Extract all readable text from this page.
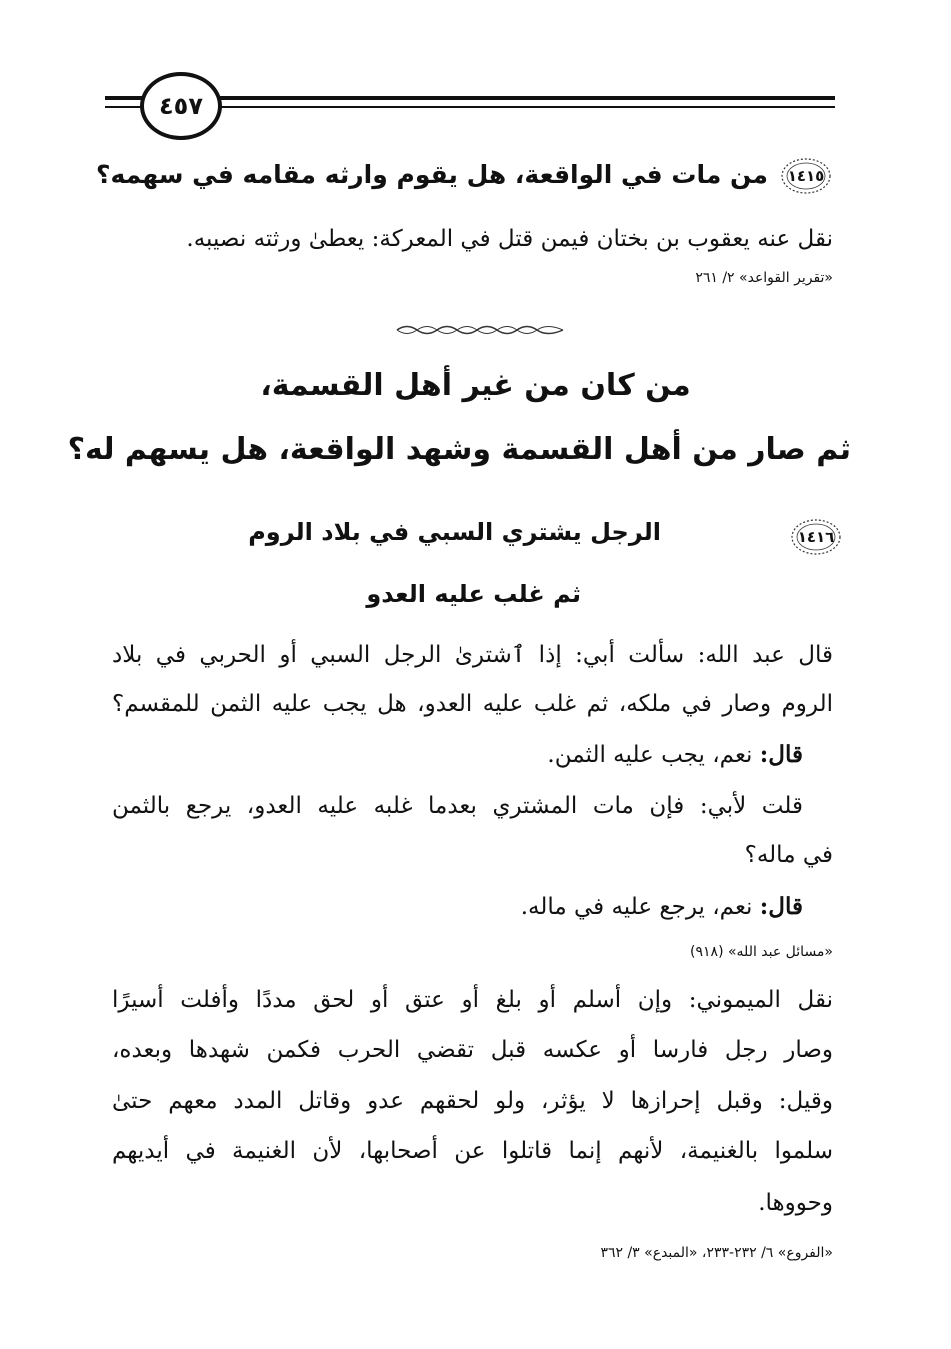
٤٥٧
١٤١٥
من مات في الواقعة، هل يقوم وارثه مقامه في سهمه؟
نقل عنه يعقوب بن بختان فيمن قتل في المعركة: يعطىٰ ورثته نصيبه.
«تقرير القواعد» ٢/ ٢٦١
من كان من غير أهل القسمة،
ثم صار من أهل القسمة وشهد الواقعة، هل يسهم له؟
١٤١٦
الرجل يشتري السبي في بلاد الروم
ثم غلب عليه العدو
قال عبد الله: سألت أبي: إذا ٱشترىٰ الرجل السبي أو الحربي في بلاد
الروم وصار في ملكه، ثم غلب عليه العدو، هل يجب عليه الثمن للمقسم؟
قال: نعم، يجب عليه الثمن.
قلت لأبي: فإن مات المشتري بعدما غلبه عليه العدو، يرجع بالثمن
في ماله؟
قال: نعم، يرجع عليه في ماله.
«مسائل عبد الله» (٩١٨)
نقل الميموني: وإن أسلم أو بلغ أو عتق أو لحق مددًا وأفلت أسيرًا
وصار رجل فارسا أو عكسه قبل تقضي الحرب فكمن شهدها وبعده،
وقيل: وقبل إحرازها لا يؤثر، ولو لحقهم عدو وقاتل المدد معهم حتىٰ
سلموا بالغنيمة، لأنهم إنما قاتلوا عن أصحابها، لأن الغنيمة في أيديهم
وحووها.
«الفروع» ٦/ ٢٣٢-٢٣٣، «المبدع» ٣/ ٣٦٢
